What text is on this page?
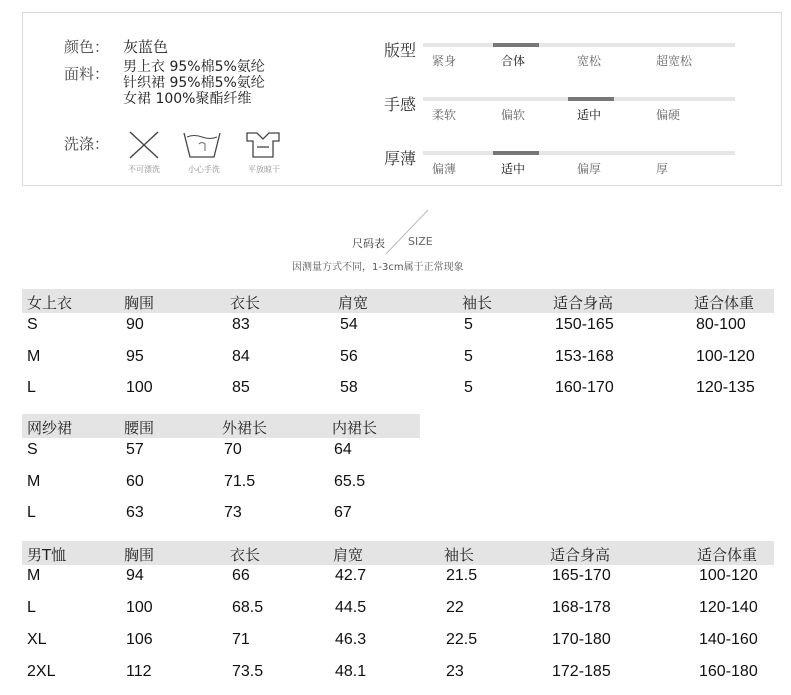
颜色： 灰蓝色
面料： 男上衣 95%棉5%氨纶
针织裙 95%棉5%氨纶
女裙 100%聚酯纤维
洗涤：
不可漂洗	小心手洗	平放晾干
尺码表 SIZE
因测量方式不同，1-3cm属于正常现象
版型
紧身	合体	宽松	超宽松
手感
柔软	偏软	适中	偏硬
厚薄
偏薄	适中	偏厚	厚
女上衣	胸围	衣长	肩宽	袖长	适合身高	适合体重
S	90	83	54	5	150-165	80-100
M	95	84	56	5	153-168	100-120
L	100	85	58	5	160-170	120-135
网纱裙	腰围	外裙长	内裙长
S	57	70	64
M	60	71.5	65.5
L	63	73	67
男T恤	胸围	衣长	肩宽	袖长	适合身高	适合体重
M	94	66	42.7	21.5	165-170	100-120
L	100	68.5	44.5	22	168-178	120-140
XL	106	71	46.3	22.5	170-180	140-160
2XL	112	73.5	48.1	23	172-185	160-180
